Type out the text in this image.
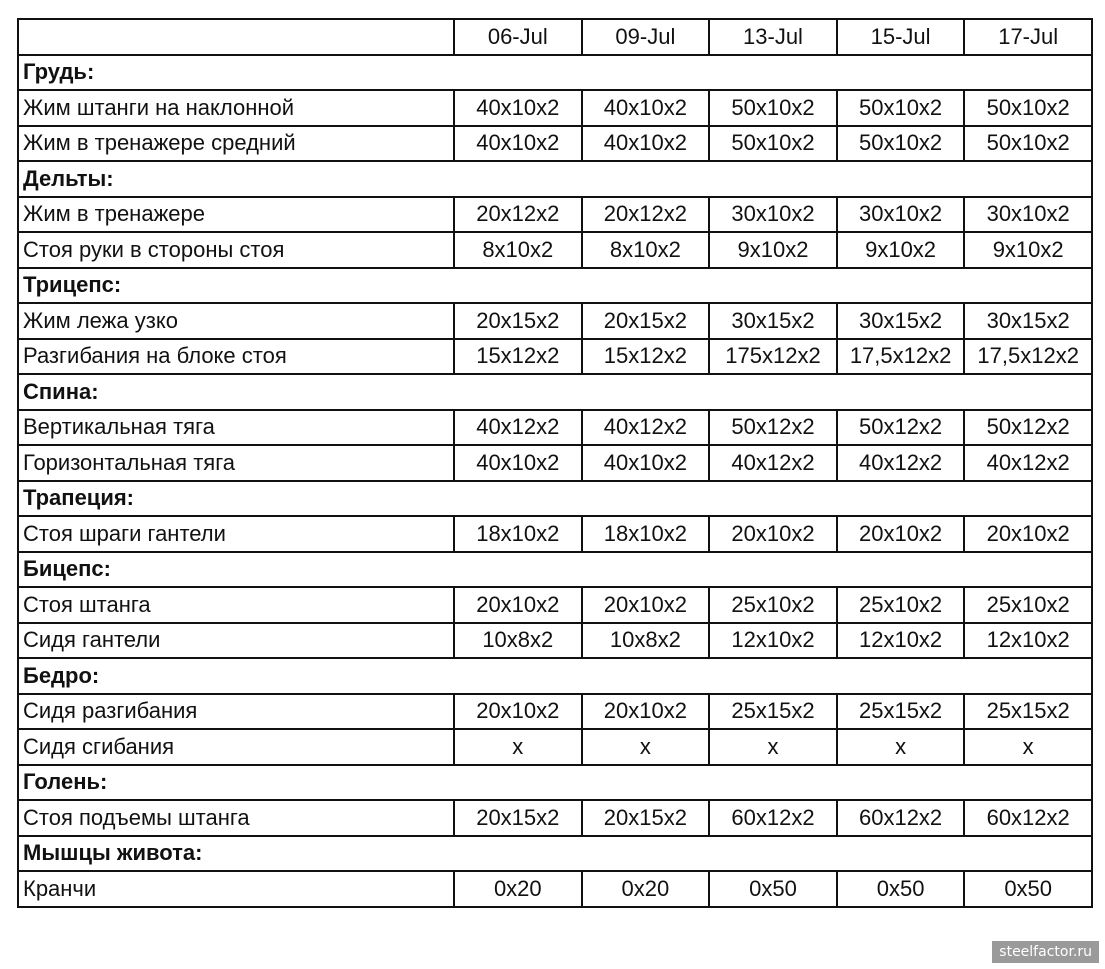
	06-Jul	09-Jul	13-Jul	15-Jul	17-Jul
Грудь:					
Жим штанги на наклонной	40x10x2	40x10x2	50x10x2	50x10x2	50x10x2
Жим в тренажере средний	40x10x2	40x10x2	50x10x2	50x10x2	50x10x2
Дельты:					
Жим в тренажере	20x12x2	20x12x2	30x10x2	30x10x2	30x10x2
Стоя руки в стороны стоя	8x10x2	8x10x2	9x10x2	9x10x2	9x10x2
Трицепс:					
Жим лежа узко	20x15x2	20x15x2	30x15x2	30x15x2	30x15x2
Разгибания на блоке стоя	15x12x2	15x12x2	175x12x2	17,5x12x2	17,5x12x2
Спина:					
Вертикальная тяга	40x12x2	40x12x2	50x12x2	50x12x2	50x12x2
Горизонтальная тяга	40x10x2	40x10x2	40x12x2	40x12x2	40x12x2
Трапеция:					
Стоя шраги гантели	18x10x2	18x10x2	20x10x2	20x10x2	20x10x2
Бицепс:					
Стоя штанга	20x10x2	20x10x2	25x10x2	25x10x2	25x10x2
Сидя гантели	10x8x2	10x8x2	12x10x2	12x10x2	12x10x2
Бедро:					
Сидя разгибания	20x10x2	20x10x2	25x15x2	25x15x2	25x15x2
Сидя сгибания	x	x	x	x	x
Голень:					
Стоя подъемы штанга	20x15x2	20x15x2	60x12x2	60x12x2	60x12x2
Мышцы живота:					
Кранчи	0x20	0x20	0x50	0x50	0x50
steelfactor.ru
